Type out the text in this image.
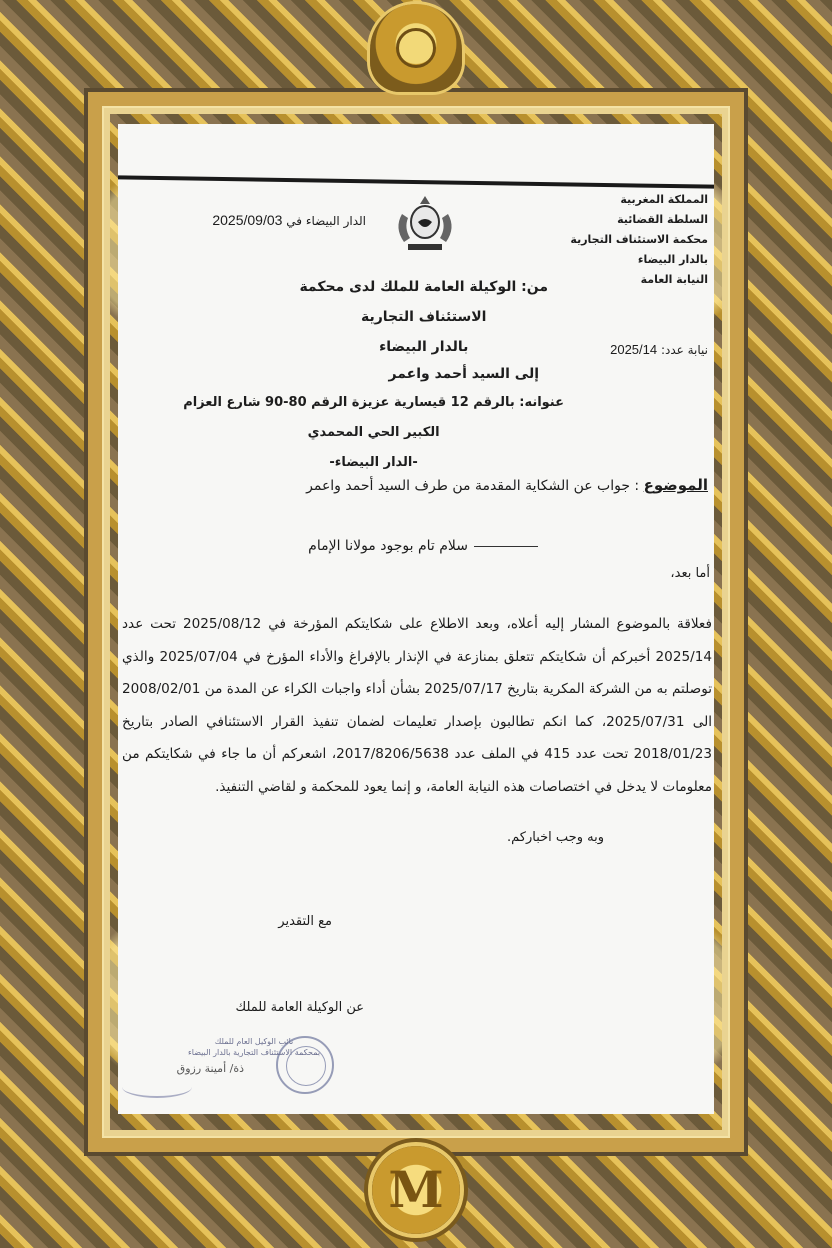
M
المملكة المغربية
السلطة القضائية
محكمة الاستئناف التجارية
بالدار البيضاء
النيابة العامة
الدار البيضاء في 2025/09/03
نيابة عدد: 2025/14
من: الوكيلة العامة للملك لدى محكمة
الاستئناف التجارية
بالدار البيضاء
إلى السيد أحمد واعمر
عنوانه: بالرقم 12 قيسارية عزيزة الرقم 80-90 شارع العزام
الكبير الحي المحمدي
-الدار البيضاء-
الموضوع : جواب عن الشكاية المقدمة من طرف السيد أحمد واعمر
سلام تام بوجود مولانا الإمام
أما بعد،
فعلاقة بالموضوع المشار إليه أعلاه، وبعد الاطلاع على شكايتكم المؤرخة في 2025/08/12 تحت عدد 2025/14 أخبركم أن شكايتكم تتعلق بمنازعة في الإنذار بالإفراغ والأداء المؤرخ في 2025/07/04 والذي توصلتم به من الشركة المكرية بتاريخ 2025/07/17 بشأن أداء واجبات الكراء عن المدة من 2008/02/01 الى 2025/07/31، كما انكم تطالبون بإصدار تعليمات لضمان تنفيذ القرار الاستئنافي الصادر بتاريخ 2018/01/23 تحت عدد 415 في الملف عدد 2017/8206/5638، اشعركم أن ما جاء في شكايتكم من معلومات لا يدخل في اختصاصات هذه النيابة العامة، و إنما يعود للمحكمة و لقاضي التنفيذ.
وبه وجب اخباركم.
مع التقدير
عن الوكيلة العامة للملك
نائب الوكيل العام للملك
بمحكمة الاستئناف التجارية بالدار البيضاء
ذة/ أمينة رزوق
